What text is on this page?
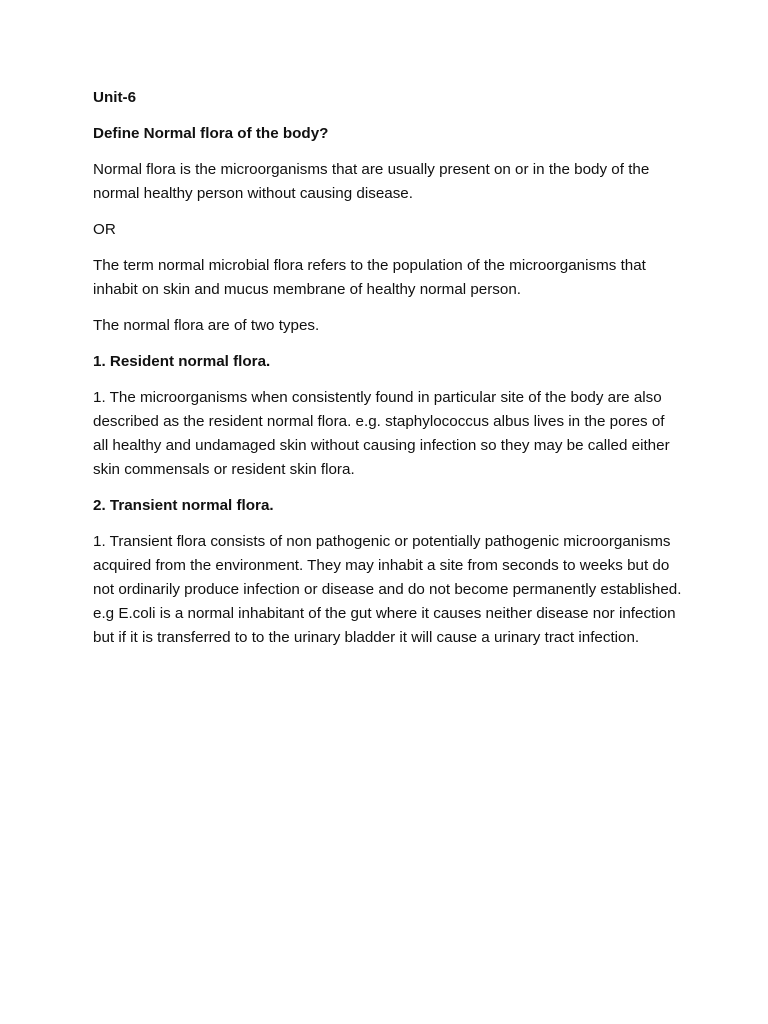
Unit-6

Define Normal flora of the body?

Normal flora is the microorganisms that are usually present on or in the body of the normal healthy person without causing disease.

OR

The term normal microbial flora refers to the population of the microorganisms that inhabit on skin and mucus membrane of healthy normal person.

The normal flora are of two types.

1. Resident normal flora.

1. The microorganisms when consistently found in particular site of the body are also described as the resident normal flora. e.g. staphylococcus albus lives in the pores of all healthy and undamaged skin without causing infection so they may be called either skin commensals or resident skin flora.

2. Transient normal flora.

1. Transient flora consists of non pathogenic or potentially pathogenic microorganisms acquired from the environment. They may inhabit a site from seconds to weeks but do not ordinarily produce infection or disease and do not become permanently established. e.g E.coli is a normal inhabitant of the gut where it causes neither disease nor infection but if it is transferred to to the urinary bladder it will cause a urinary tract infection.
